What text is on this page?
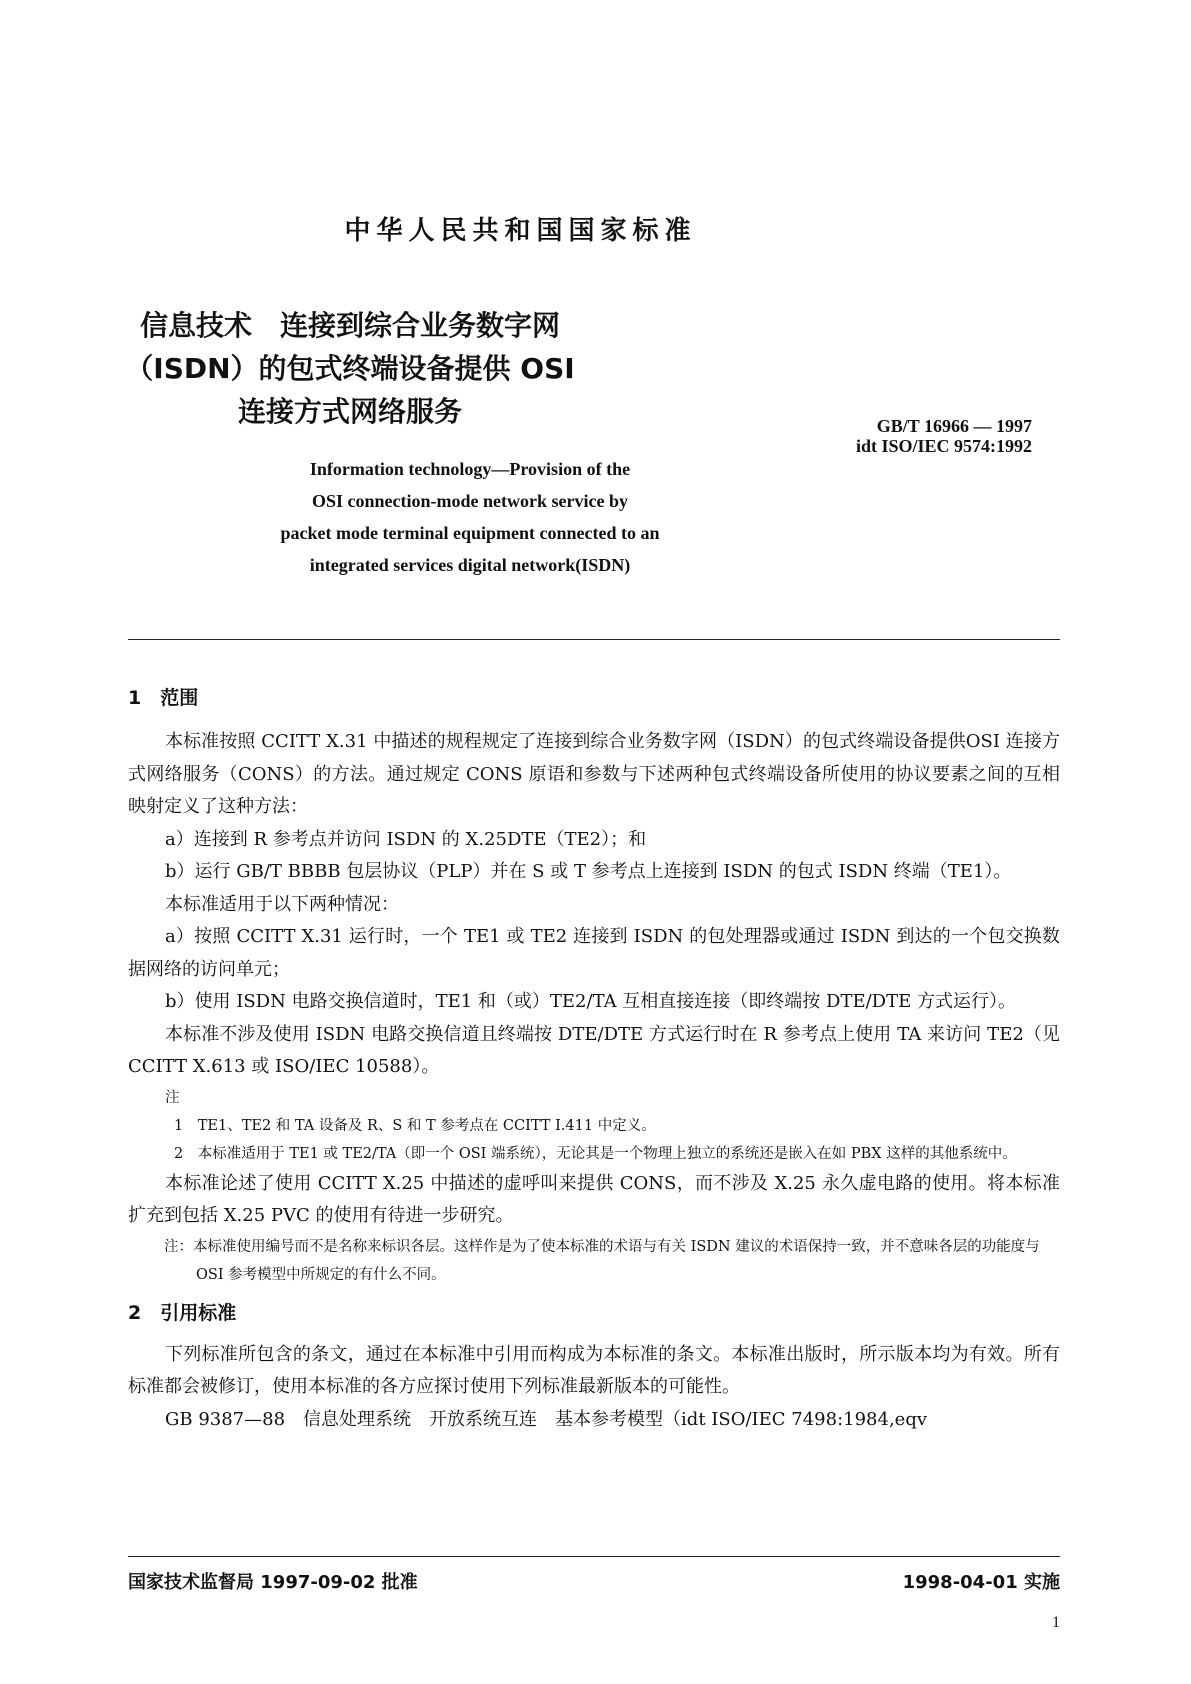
中华人民共和国国家标准
信息技术　连接到综合业务数字网
（ISDN）的包式终端设备提供 OSI
连接方式网络服务	GB/T 16966 — 1997
idt ISO/IEC 9574:1992
Information technology—Provision of the
OSI connection-mode network service by
packet mode terminal equipment connected to an
integrated services digital network(ISDN)
1　范围

本标准按照 CCITT X.31 中描述的规程规定了连接到综合业务数字网（ISDN）的包式终端设备提供OSI 连接方式网络服务（CONS）的方法。通过规定 CONS 原语和参数与下述两种包式终端设备所使用的协议要素之间的互相映射定义了这种方法：

a）连接到 R 参考点并访问 ISDN 的 X.25DTE（TE2）；和

b）运行 GB/T BBBB 包层协议（PLP）并在 S 或 T 参考点上连接到 ISDN 的包式 ISDN 终端（TE1）。

本标准适用于以下两种情况：

a）按照 CCITT X.31 运行时，一个 TE1 或 TE2 连接到 ISDN 的包处理器或通过 ISDN 到达的一个包交换数据网络的访问单元；

b）使用 ISDN 电路交换信道时，TE1 和（或）TE2/TA 互相直接连接（即终端按 DTE/DTE 方式运行）。

本标准不涉及使用 ISDN 电路交换信道且终端按 DTE/DTE 方式运行时在 R 参考点上使用 TA 来访问 TE2（见 CCITT X.613 或 ISO/IEC 10588）。

注

1　TE1、TE2 和 TA 设备及 R、S 和 T 参考点在 CCITT I.411 中定义。

2　本标准适用于 TE1 或 TE2/TA（即一个 OSI 端系统），无论其是一个物理上独立的系统还是嵌入在如 PBX 这样的其他系统中。

本标准论述了使用 CCITT X.25 中描述的虚呼叫来提供 CONS，而不涉及 X.25 永久虚电路的使用。将本标准扩充到包括 X.25 PVC 的使用有待进一步研究。

注：本标准使用编号而不是名称来标识各层。这样作是为了使本标准的术语与有关 ISDN 建议的术语保持一致，并不意味各层的功能度与 OSI 参考模型中所规定的有什么不同。

2　引用标准

下列标准所包含的条文，通过在本标准中引用而构成为本标准的条文。本标准出版时，所示版本均为有效。所有标准都会被修订，使用本标准的各方应探讨使用下列标准最新版本的可能性。

GB 9387—88　信息处理系统　开放系统互连　基本参考模型（idt ISO/IEC 7498:1984,eqv

国家技术监督局 1997-09-02 批准	1998-04-01 实施
1
